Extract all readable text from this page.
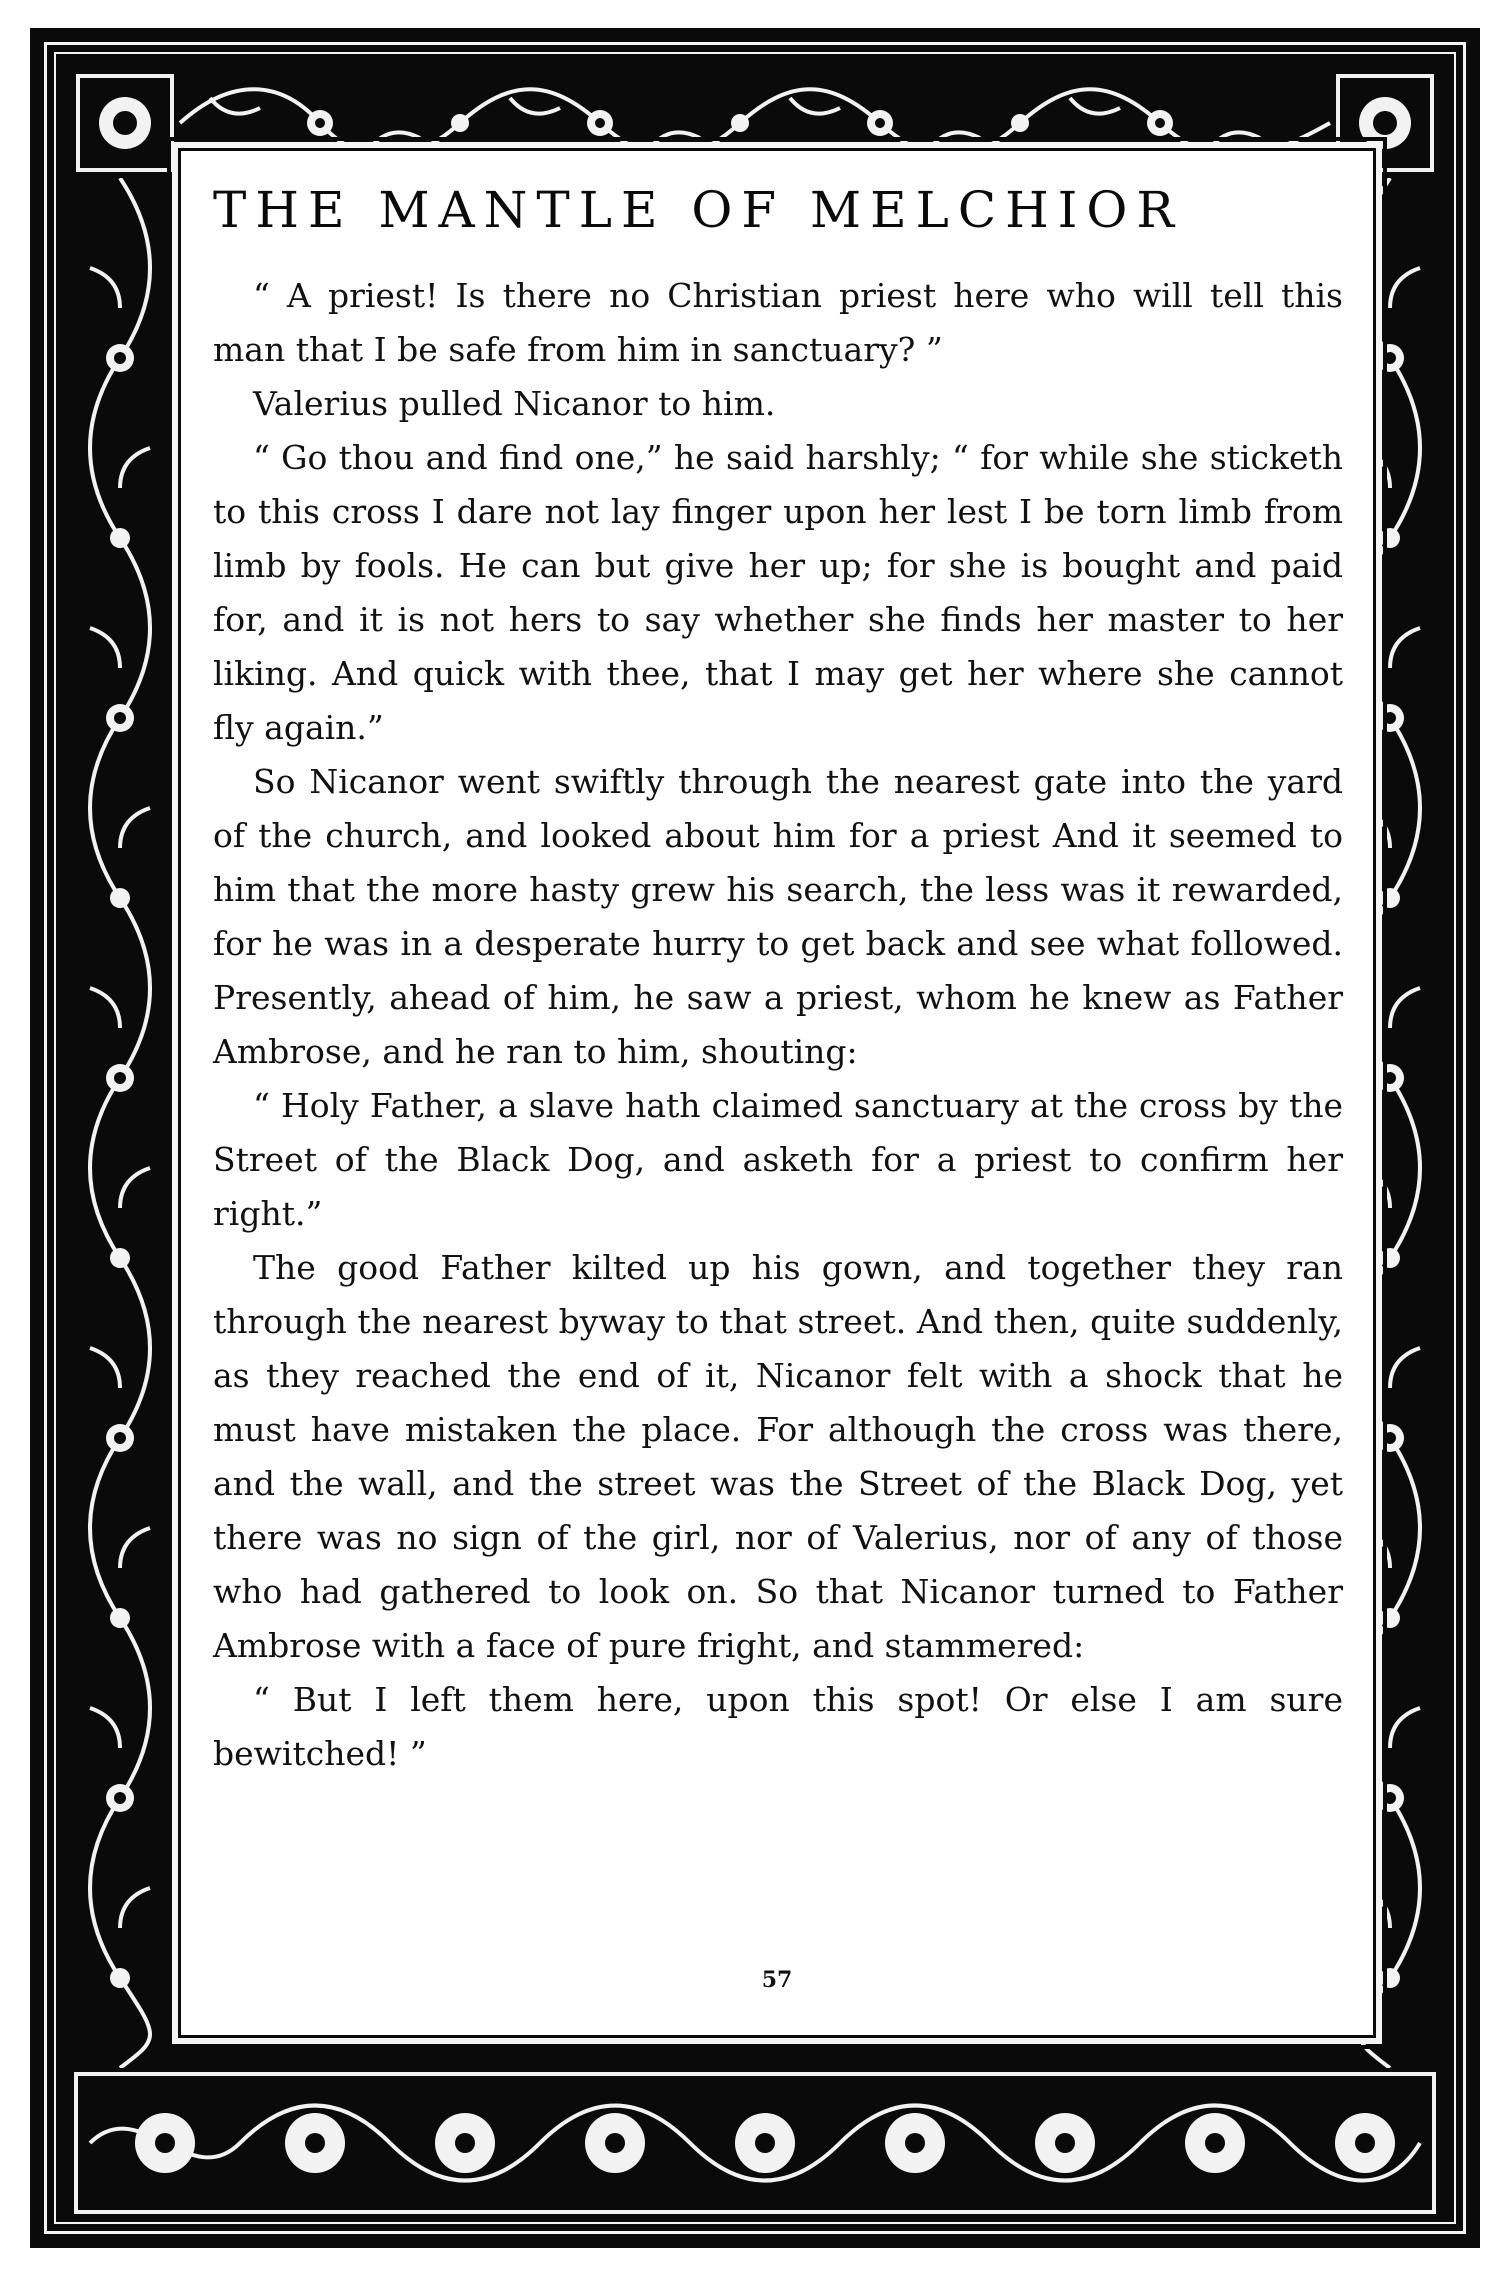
THE MANTLE OF MELCHIOR

“ A priest! Is there no Christian priest here who will tell this man that I be safe from him in sanctuary? ”

Valerius pulled Nicanor to him.

“ Go thou and find one,” he said harshly; “ for while she sticketh to this cross I dare not lay finger upon her lest I be torn limb from limb by fools. He can but give her up; for she is bought and paid for, and it is not hers to say whether she finds her master to her liking. And quick with thee, that I may get her where she cannot fly again.”

So Nicanor went swiftly through the nearest gate into the yard of the church, and looked about him for a priest And it seemed to him that the more hasty grew his search, the less was it rewarded, for he was in a desperate hurry to get back and see what followed. Presently, ahead of him, he saw a priest, whom he knew as Father Ambrose, and he ran to him, shouting:

“ Holy Father, a slave hath claimed sanctuary at the cross by the Street of the Black Dog, and asketh for a priest to confirm her right.”

The good Father kilted up his gown, and together they ran through the nearest byway to that street. And then, quite suddenly, as they reached the end of it, Nicanor felt with a shock that he must have mistaken the place. For although the cross was there, and the wall, and the street was the Street of the Black Dog, yet there was no sign of the girl, nor of Valerius, nor of any of those who had gathered to look on. So that Nicanor turned to Father Ambrose with a face of pure fright, and stammered:

“ But I left them here, upon this spot! Or else I am sure bewitched! ”

57
